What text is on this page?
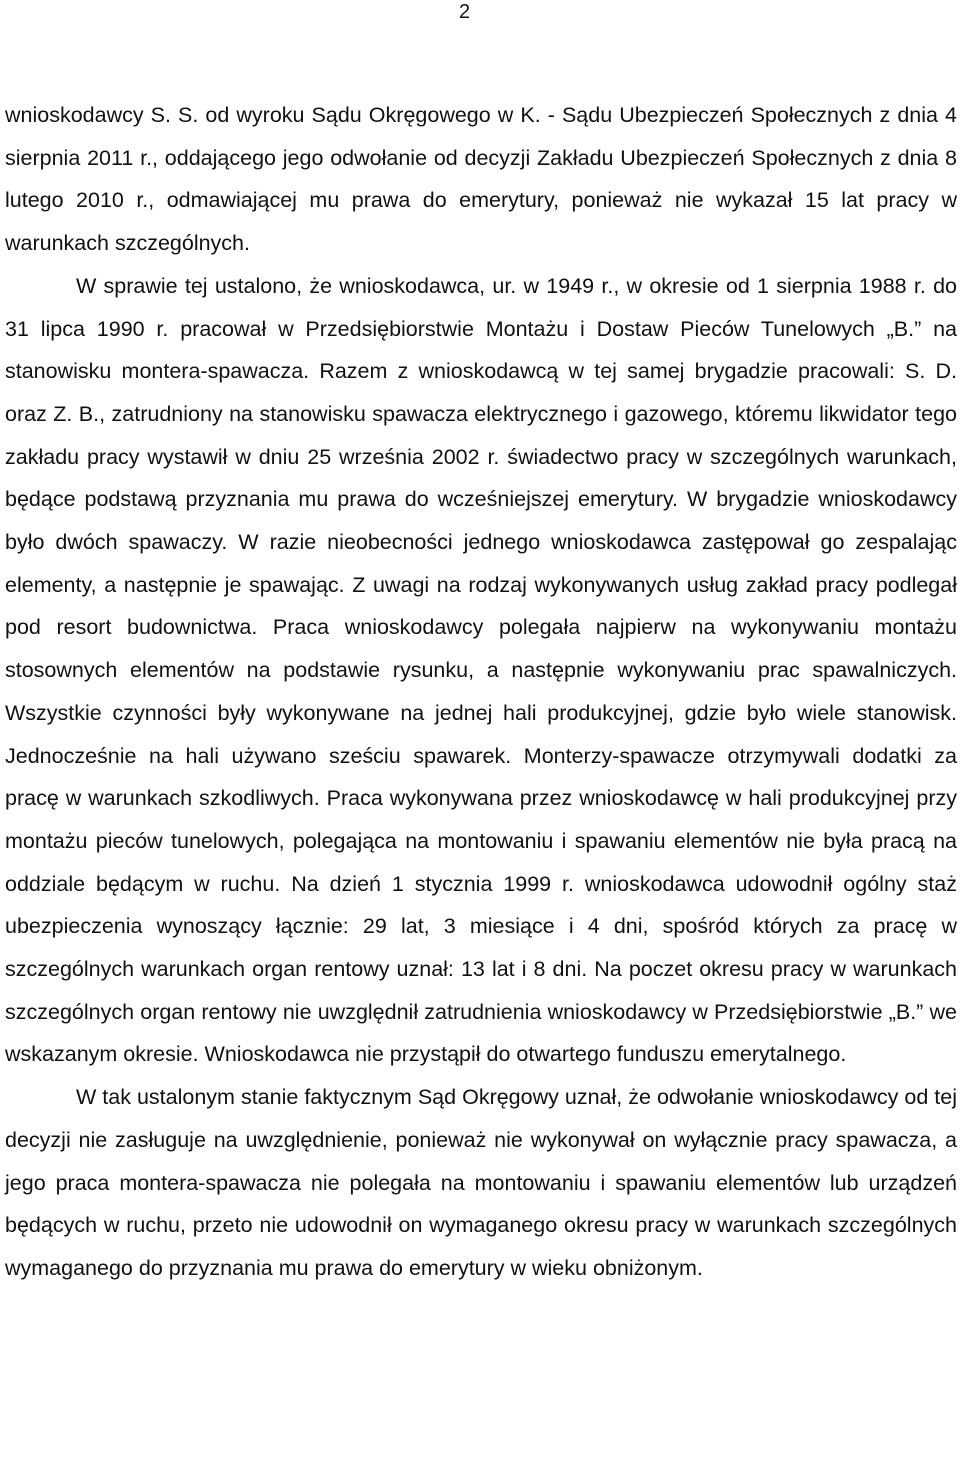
2

wnioskodawcy S. S. od wyroku Sądu Okręgowego w K. - Sądu Ubezpieczeń Społecznych z dnia 4 sierpnia 2011 r., oddającego jego odwołanie od decyzji Zakładu Ubezpieczeń Społecznych z dnia 8 lutego 2010 r., odmawiającej mu prawa do emerytury, ponieważ nie wykazał 15 lat pracy w warunkach szczególnych.

W sprawie tej ustalono, że wnioskodawca, ur. w 1949 r., w okresie od 1 sierpnia 1988 r. do 31 lipca 1990 r. pracował w Przedsiębiorstwie Montażu i Dostaw Pieców Tunelowych „B.” na stanowisku montera-spawacza. Razem z wnioskodawcą w tej samej brygadzie pracowali: S. D. oraz Z. B., zatrudniony na stanowisku spawacza elektrycznego i gazowego, któremu likwidator tego zakładu pracy wystawił w dniu 25 września 2002 r. świadectwo pracy w szczególnych warunkach, będące podstawą przyznania mu prawa do wcześniejszej emerytury. W brygadzie wnioskodawcy było dwóch spawaczy. W razie nieobecności jednego wnioskodawca zastępował go zespalając elementy, a następnie je spawając. Z uwagi na rodzaj wykonywanych usług zakład pracy podlegał pod resort budownictwa. Praca wnioskodawcy polegała najpierw na wykonywaniu montażu stosownych elementów na podstawie rysunku, a następnie wykonywaniu prac spawalniczych. Wszystkie czynności były wykonywane na jednej hali produkcyjnej, gdzie było wiele stanowisk. Jednocześnie na hali używano sześciu spawarek. Monterzy-spawacze otrzymywali dodatki za pracę w warunkach szkodliwych. Praca wykonywana przez wnioskodawcę w hali produkcyjnej przy montażu pieców tunelowych, polegająca na montowaniu i spawaniu elementów nie była pracą na oddziale będącym w ruchu. Na dzień 1 stycznia 1999 r. wnioskodawca udowodnił ogólny staż ubezpieczenia wynoszący łącznie: 29 lat, 3 miesiące i 4 dni, spośród których za pracę w szczególnych warunkach organ rentowy uznał: 13 lat i 8 dni. Na poczet okresu pracy w warunkach szczególnych organ rentowy nie uwzględnił zatrudnienia wnioskodawcy w Przedsiębiorstwie „B.” we wskazanym okresie. Wnioskodawca nie przystąpił do otwartego funduszu emerytalnego.

W tak ustalonym stanie faktycznym Sąd Okręgowy uznał, że odwołanie wnioskodawcy od tej decyzji nie zasługuje na uwzględnienie, ponieważ nie wykonywał on wyłącznie pracy spawacza, a jego praca montera-spawacza nie polegała na montowaniu i spawaniu elementów lub urządzeń będących w ruchu, przeto nie udowodnił on wymaganego okresu pracy w warunkach szczególnych wymaganego do przyznania mu prawa do emerytury w wieku obniżonym.
